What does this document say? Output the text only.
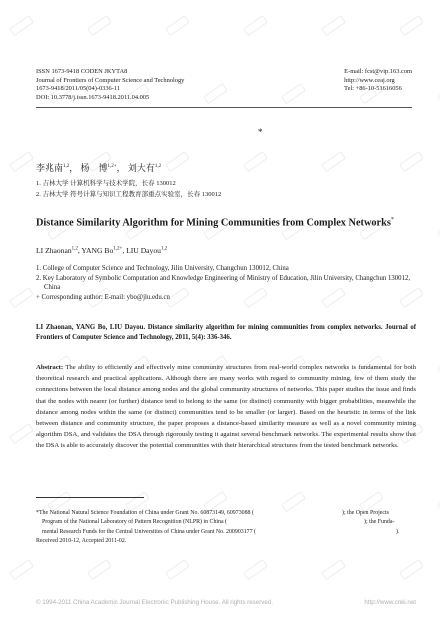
ISSN 1673-9418 CODEN JKYTA8
Journal of Frontiers of Computer Science and Technology
1673-9418/2011/05(04)-0336-11
DOI: 10.3778/j.issn.1673-9418.2011.04.005
E-mail: fcst@vip.163.com
http://www.ceaj.org
Tel: +86-10-51616056
*
李兆南$^{1,2}$， 杨　博$^{1,2+}$， 刘大有$^{1,2}$
1. 吉林大学 计算机科学与技术学院，长春 130012
2. 吉林大学 符号计算与知识工程教育部重点实验室，长春 130012
Distance Similarity Algorithm for Mining Communities from Complex Networks*
LI Zhaonan$^{1,2}$, YANG $Bo^{1,2+}$, LIU Dayou$^{1,2}$
1. College of Computer Science and Technology, Jilin University, Changchun 130012, China
2. Key Laboratory of Symbolic Computation and Knowledge Engineering of Ministry of Education, Jilin University, Changchun 130012, China
+ Corresponding author: E-mail: ybo@jlu.edu.cn
LI Zhaonan, YANG Bo, LIU Dayou. Distance similarity algorithm for mining communities from complex networks. Journal of Frontiers of Computer Science and Technology, 2011, 5(4): 336-346.
Abstract: The ability to efficiently and effectively mine community structures from real-world complex networks is fundamental for both theoretical research and practical applications. Although there are many works with regard to community mining, few of them study the connections between the local distance among nodes and the global community structures of networks. This paper studies the issue and finds that the nodes with nearer (or further) distance tend to belong to the same (or distinct) community with bigger probabilities, meanwhile the distance among nodes within the same (or distinct) communities tend to be smaller (or larger). Based on the heuristic in terms of the link between distance and community structure, the paper proposes a distance-based similarity measure as well as a novel community mining algorithm DSA, and validates the DSA through rigorously testing it against several benchmark networks. The experimental results show that the DSA is able to accurately discover the potential communities with their hierarchical structures from the tested benchmark networks.
*The National Natural Science Foundation of China under Grant No. 60873149, 60973088 (	); the Open Projects
Program of the National Laboratory of Pattern Recognition (NLPR) in China (	); the Funda-
mental Research Funds for the Central Universities of China under Grant No. 200903177 (	).
Received 2010-12, Accepted 2011-02.
© 1994-2011 China Academic Journal Electronic Publishing House. All rights reserved.	http://www.cnki.net
